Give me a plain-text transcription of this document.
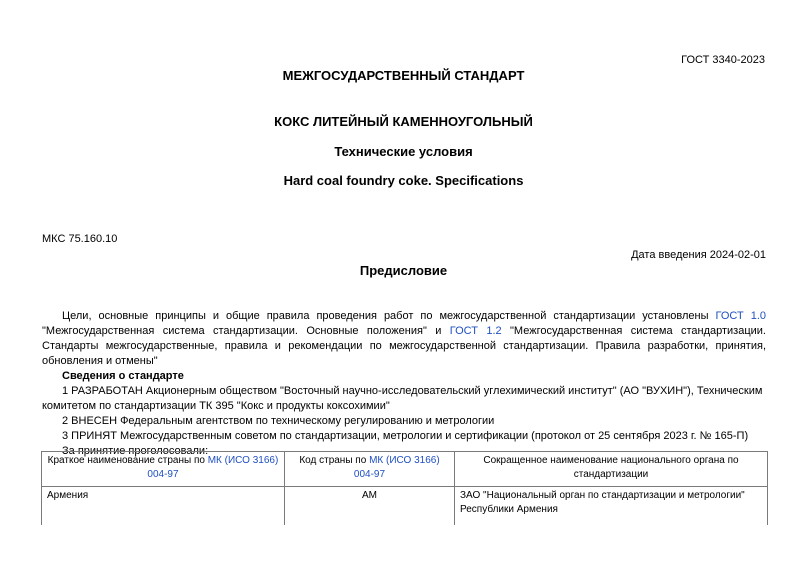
ГОСТ 3340-2023
МЕЖГОСУДАРСТВЕННЫЙ СТАНДАРТ
КОКС ЛИТЕЙНЫЙ КАМЕННОУГОЛЬНЫЙ
Технические условия
Hard coal foundry coke. Specifications
МКС 75.160.10
Дата введения 2024-02-01
Предисловие
Цели, основные принципы и общие правила проведения работ по межгосударственной стандартизации установлены ГОСТ 1.0 "Межгосударственная система стандартизации. Основные положения" и ГОСТ 1.2 "Межгосударственная система стандартизации. Стандарты межгосударственные, правила и рекомендации по межгосударственной стандартизации. Правила разработки, принятия, обновления и отмены"
Сведения о стандарте
1 РАЗРАБОТАН Акционерным обществом "Восточный научно-исследовательский углехимический институт" (АО "ВУХИН"), Техническим
комитетом по стандартизации ТК 395 "Кокс и продукты коксохимии"
2 ВНЕСЕН Федеральным агентством по техническому регулированию и метрологии
3 ПРИНЯТ Межгосударственным советом по стандартизации, метрологии и сертификации (протокол от 25 сентября 2023 г. № 165-П)
За принятие проголосовали:
Краткое наименование страны по МК (ИСО 3166) 004-97	Код страны по МК (ИСО 3166) 004-97	Сокращенное наименование национального органа по стандартизации
Армения	AM	ЗАО "Национальный орган по стандартизации и метрологии"
Республики Армения
